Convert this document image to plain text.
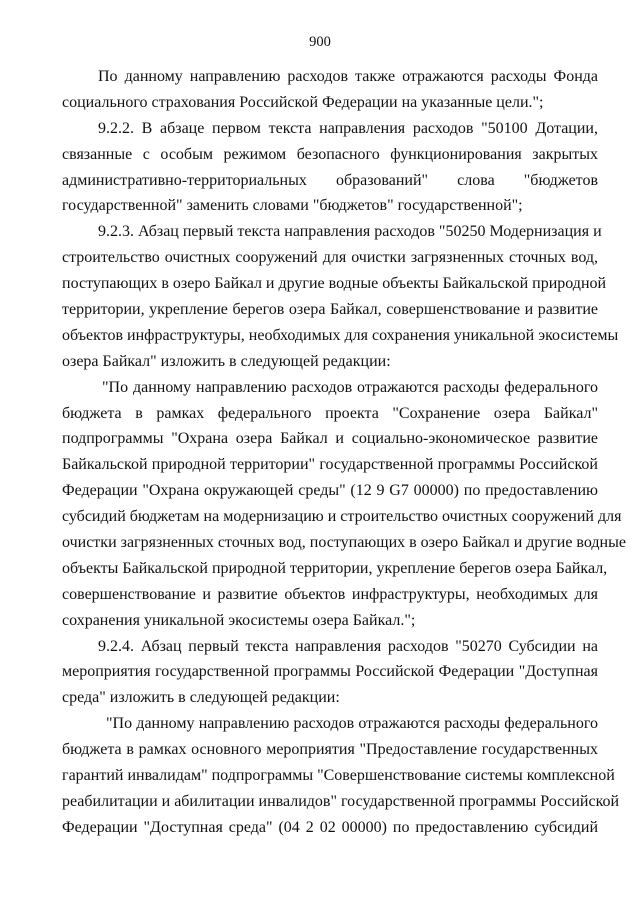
900
По данному направлению расходов также отражаются расходы Фонда
социального страхования Российской Федерации на указанные цели.";
9.2.2. В абзаце первом текста направления расходов "50100 Дотации,
связанные с особым режимом безопасного функционирования закрытых
административно-территориальных образований" слова "бюджетов
государственной" заменить словами "бюджетов" государственной";
9.2.3. Абзац первый текста направления расходов "50250 Модернизация и
строительство очистных сооружений для очистки загрязненных сточных вод,
поступающих в озеро Байкал и другие водные объекты Байкальской природной
территории, укрепление берегов озера Байкал, совершенствование и развитие
объектов инфраструктуры, необходимых для сохранения уникальной экосистемы
озера Байкал" изложить в следующей редакции:
"По данному направлению расходов отражаются расходы федерального
бюджета в рамках федерального проекта "Сохранение озера Байкал"
подпрограммы "Охрана озера Байкал и социально-экономическое развитие
Байкальской природной территории" государственной программы Российской
Федерации "Охрана окружающей среды" (12 9 G7 00000) по предоставлению
субсидий бюджетам на модернизацию и строительство очистных сооружений для
очистки загрязненных сточных вод, поступающих в озеро Байкал и другие водные
объекты Байкальской природной территории, укрепление берегов озера Байкал,
совершенствование и развитие объектов инфраструктуры, необходимых для
сохранения уникальной экосистемы озера Байкал.";
9.2.4. Абзац первый текста направления расходов "50270 Субсидии на
мероприятия государственной программы Российской Федерации "Доступная
среда" изложить в следующей редакции:
"По данному направлению расходов отражаются расходы федерального
бюджета в рамках основного мероприятия "Предоставление государственных
гарантий инвалидам" подпрограммы "Совершенствование системы комплексной
реабилитации и абилитации инвалидов" государственной программы Российской
Федерации "Доступная среда" (04 2 02 00000) по предоставлению субсидий
